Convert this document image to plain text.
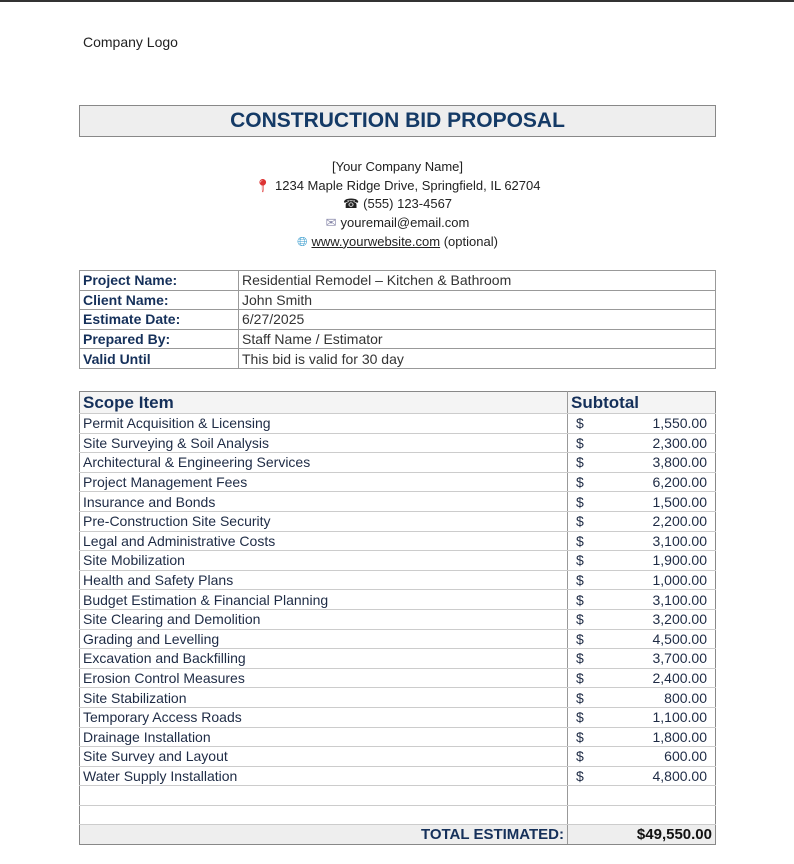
Company Logo
CONSTRUCTION BID PROPOSAL
[Your Company Name]
📍︎ 1234 Maple Ridge Drive, Springfield, IL 62704
☎ (555) 123-4567
✉ youremail@email.com
🌐︎ www.yourwebsite.com (optional)
Project Name:	Residential Remodel – Kitchen & Bathroom
Client Name:	John Smith
Estimate Date:	6/27/2025
Prepared By:	Staff Name / Estimator
Valid Until	This bid is valid for 30 day
Scope Item	Subtotal
Permit Acquisition & Licensing	$ 1,550.00

Site Surveying & Soil Analysis	$ 2,300.00

Architectural & Engineering Services	$ 3,800.00

Project Management Fees	$ 6,200.00

Insurance and Bonds	$ 1,500.00

Pre-Construction Site Security	$ 2,200.00

Legal and Administrative Costs	$ 3,100.00

Site Mobilization	$ 1,900.00

Health and Safety Plans	$ 1,000.00

Budget Estimation & Financial Planning	$ 3,100.00

Site Clearing and Demolition	$ 3,200.00

Grading and Levelling	$ 4,500.00

Excavation and Backfilling	$ 3,700.00

Erosion Control Measures	$ 2,400.00

Site Stabilization	$ 800.00

Temporary Access Roads	$ 1,100.00

Drainage Installation	$ 1,800.00

Site Survey and Layout	$ 600.00

Water Supply Installation	$ 4,800.00

TOTAL ESTIMATED:	$49,550.00
